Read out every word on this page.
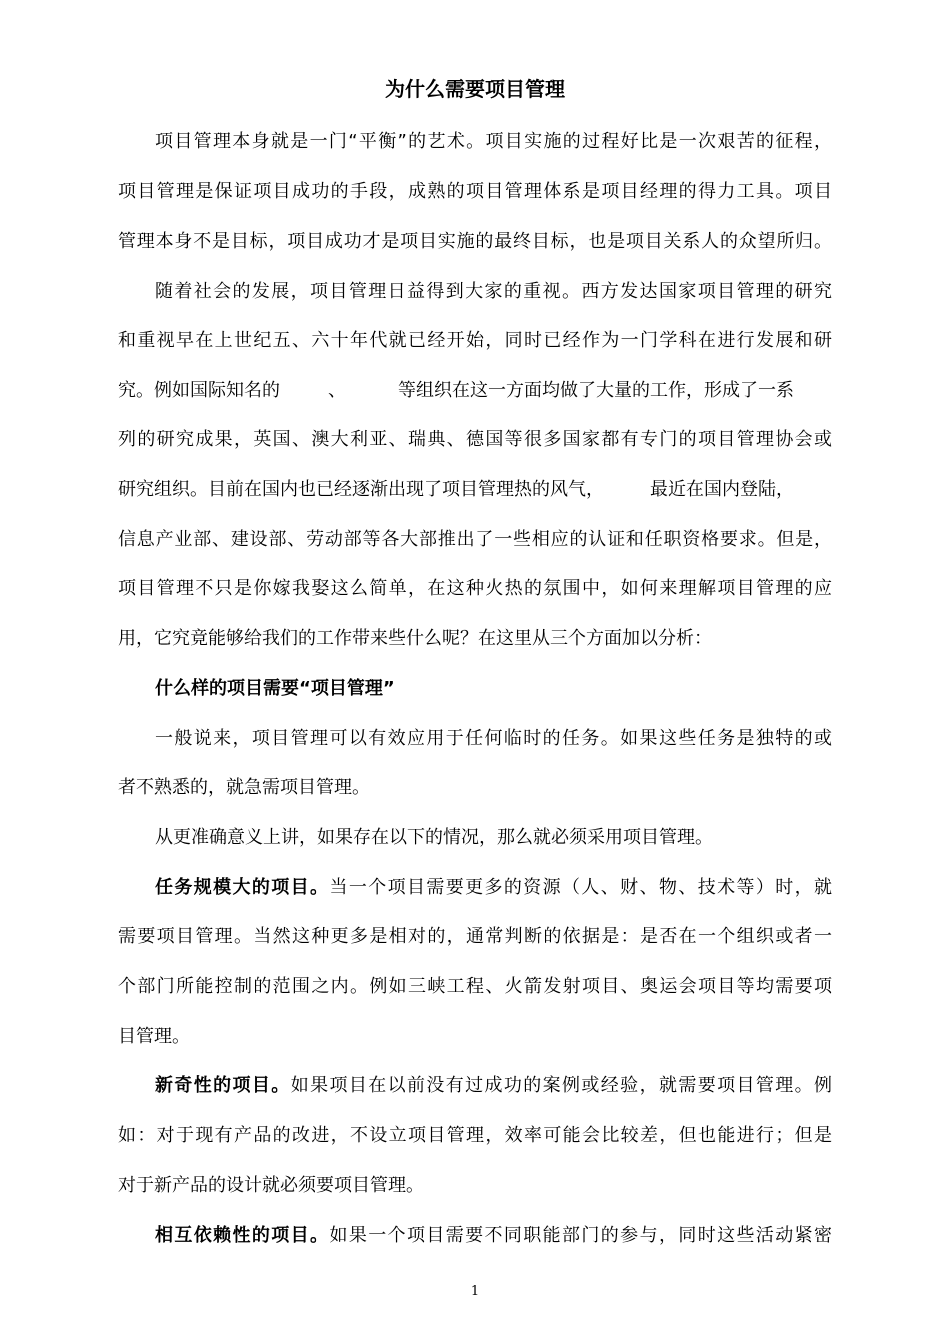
为什么需要项目管理
项目管理本身就是一门“平衡”的艺术。项目实施的过程好比是一次艰苦的征程，
项目管理是保证项目成功的手段，成熟的项目管理体系是项目经理的得力工具。项目
管理本身不是目标，项目成功才是项目实施的最终目标，也是项目关系人的众望所归。
随着社会的发展，项目管理日益得到大家的重视。西方发达国家项目管理的研究
和重视早在上世纪五、六十年代就已经开始，同时已经作为一门学科在进行发展和研
究。例如国际知名的	、	等组织在这一方面均做了大量的工作，形成了一系
列的研究成果，英国、澳大利亚、瑞典、德国等很多国家都有专门的项目管理协会或
研究组织。目前在国内也已经逐渐出现了项目管理热的风气，	最近在国内登陆，
信息产业部、建设部、劳动部等各大部推出了一些相应的认证和任职资格要求。但是，
项目管理不只是你嫁我娶这么简单，在这种火热的氛围中，如何来理解项目管理的应
用，它究竟能够给我们的工作带来些什么呢？在这里从三个方面加以分析：
什么样的项目需要“项目管理”
一般说来，项目管理可以有效应用于任何临时的任务。如果这些任务是独特的或
者不熟悉的，就急需项目管理。
从更准确意义上讲，如果存在以下的情况，那么就必须采用项目管理。
任务规模大的项目。当一个项目需要更多的资源（人、财、物、技术等）时，就
需要项目管理。当然这种更多是相对的，通常判断的依据是：是否在一个组织或者一
个部门所能控制的范围之内。例如三峡工程、火箭发射项目、奥运会项目等均需要项
目管理。
新奇性的项目。如果项目在以前没有过成功的案例或经验，就需要项目管理。例
如：对于现有产品的改进，不设立项目管理，效率可能会比较差，但也能进行；但是
对于新产品的设计就必须要项目管理。
相互依赖性的项目。如果一个项目需要不同职能部门的参与，同时这些活动紧密
1
